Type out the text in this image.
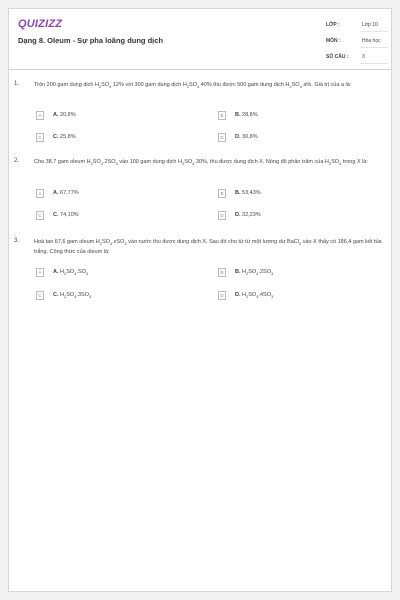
QUIZIZZ
Dạng 8. Oleum - Sự pha loãng dung dịch
LỚP :	Lớp 10
MÔN :	Hóa học
SỐ CÂU :	3
1.	Trộn 200 gam dung dịch $H_2SO_4$ 12% với 300 gam dung dịch $H_2SO_4$ 40% thu được 500 gam dung dịch $H_2SO_4$ a%. Giá trị của a là:
A	A. 20,8%	B	B. 28,8%
C	C. 25,8%	D	D. 30,8%
2.	Cho 38,7 gam oleum $H_2SO_4.2SO_3$ vào 100 gam dung dịch $H_2SO_4$ 30%, thu được dung dịch X. Nồng độ phần trăm của $H_2SO_4$ trong X là:
A	A. 67,77%	B	B. 53,43%
C	C. 74,10%	D	D. 32,23%
3.	Hoà tan 67,6 gam oleum $H_2SO_4.xSO_3$ vào nước thu được dung dịch X. Sau đó cho từ từ một lượng dư BaCl$_2$ vào X thấy có 186,4 gam kết tủa trắng. Công thức của oleum là:
A	A. $H_2SO_4.SO_3$	B	B. $H_2SO_4.2SO_3$
C	C. $H_2SO_4.3SO_3$	D	D. $H_2SO_4.4SO_3$
